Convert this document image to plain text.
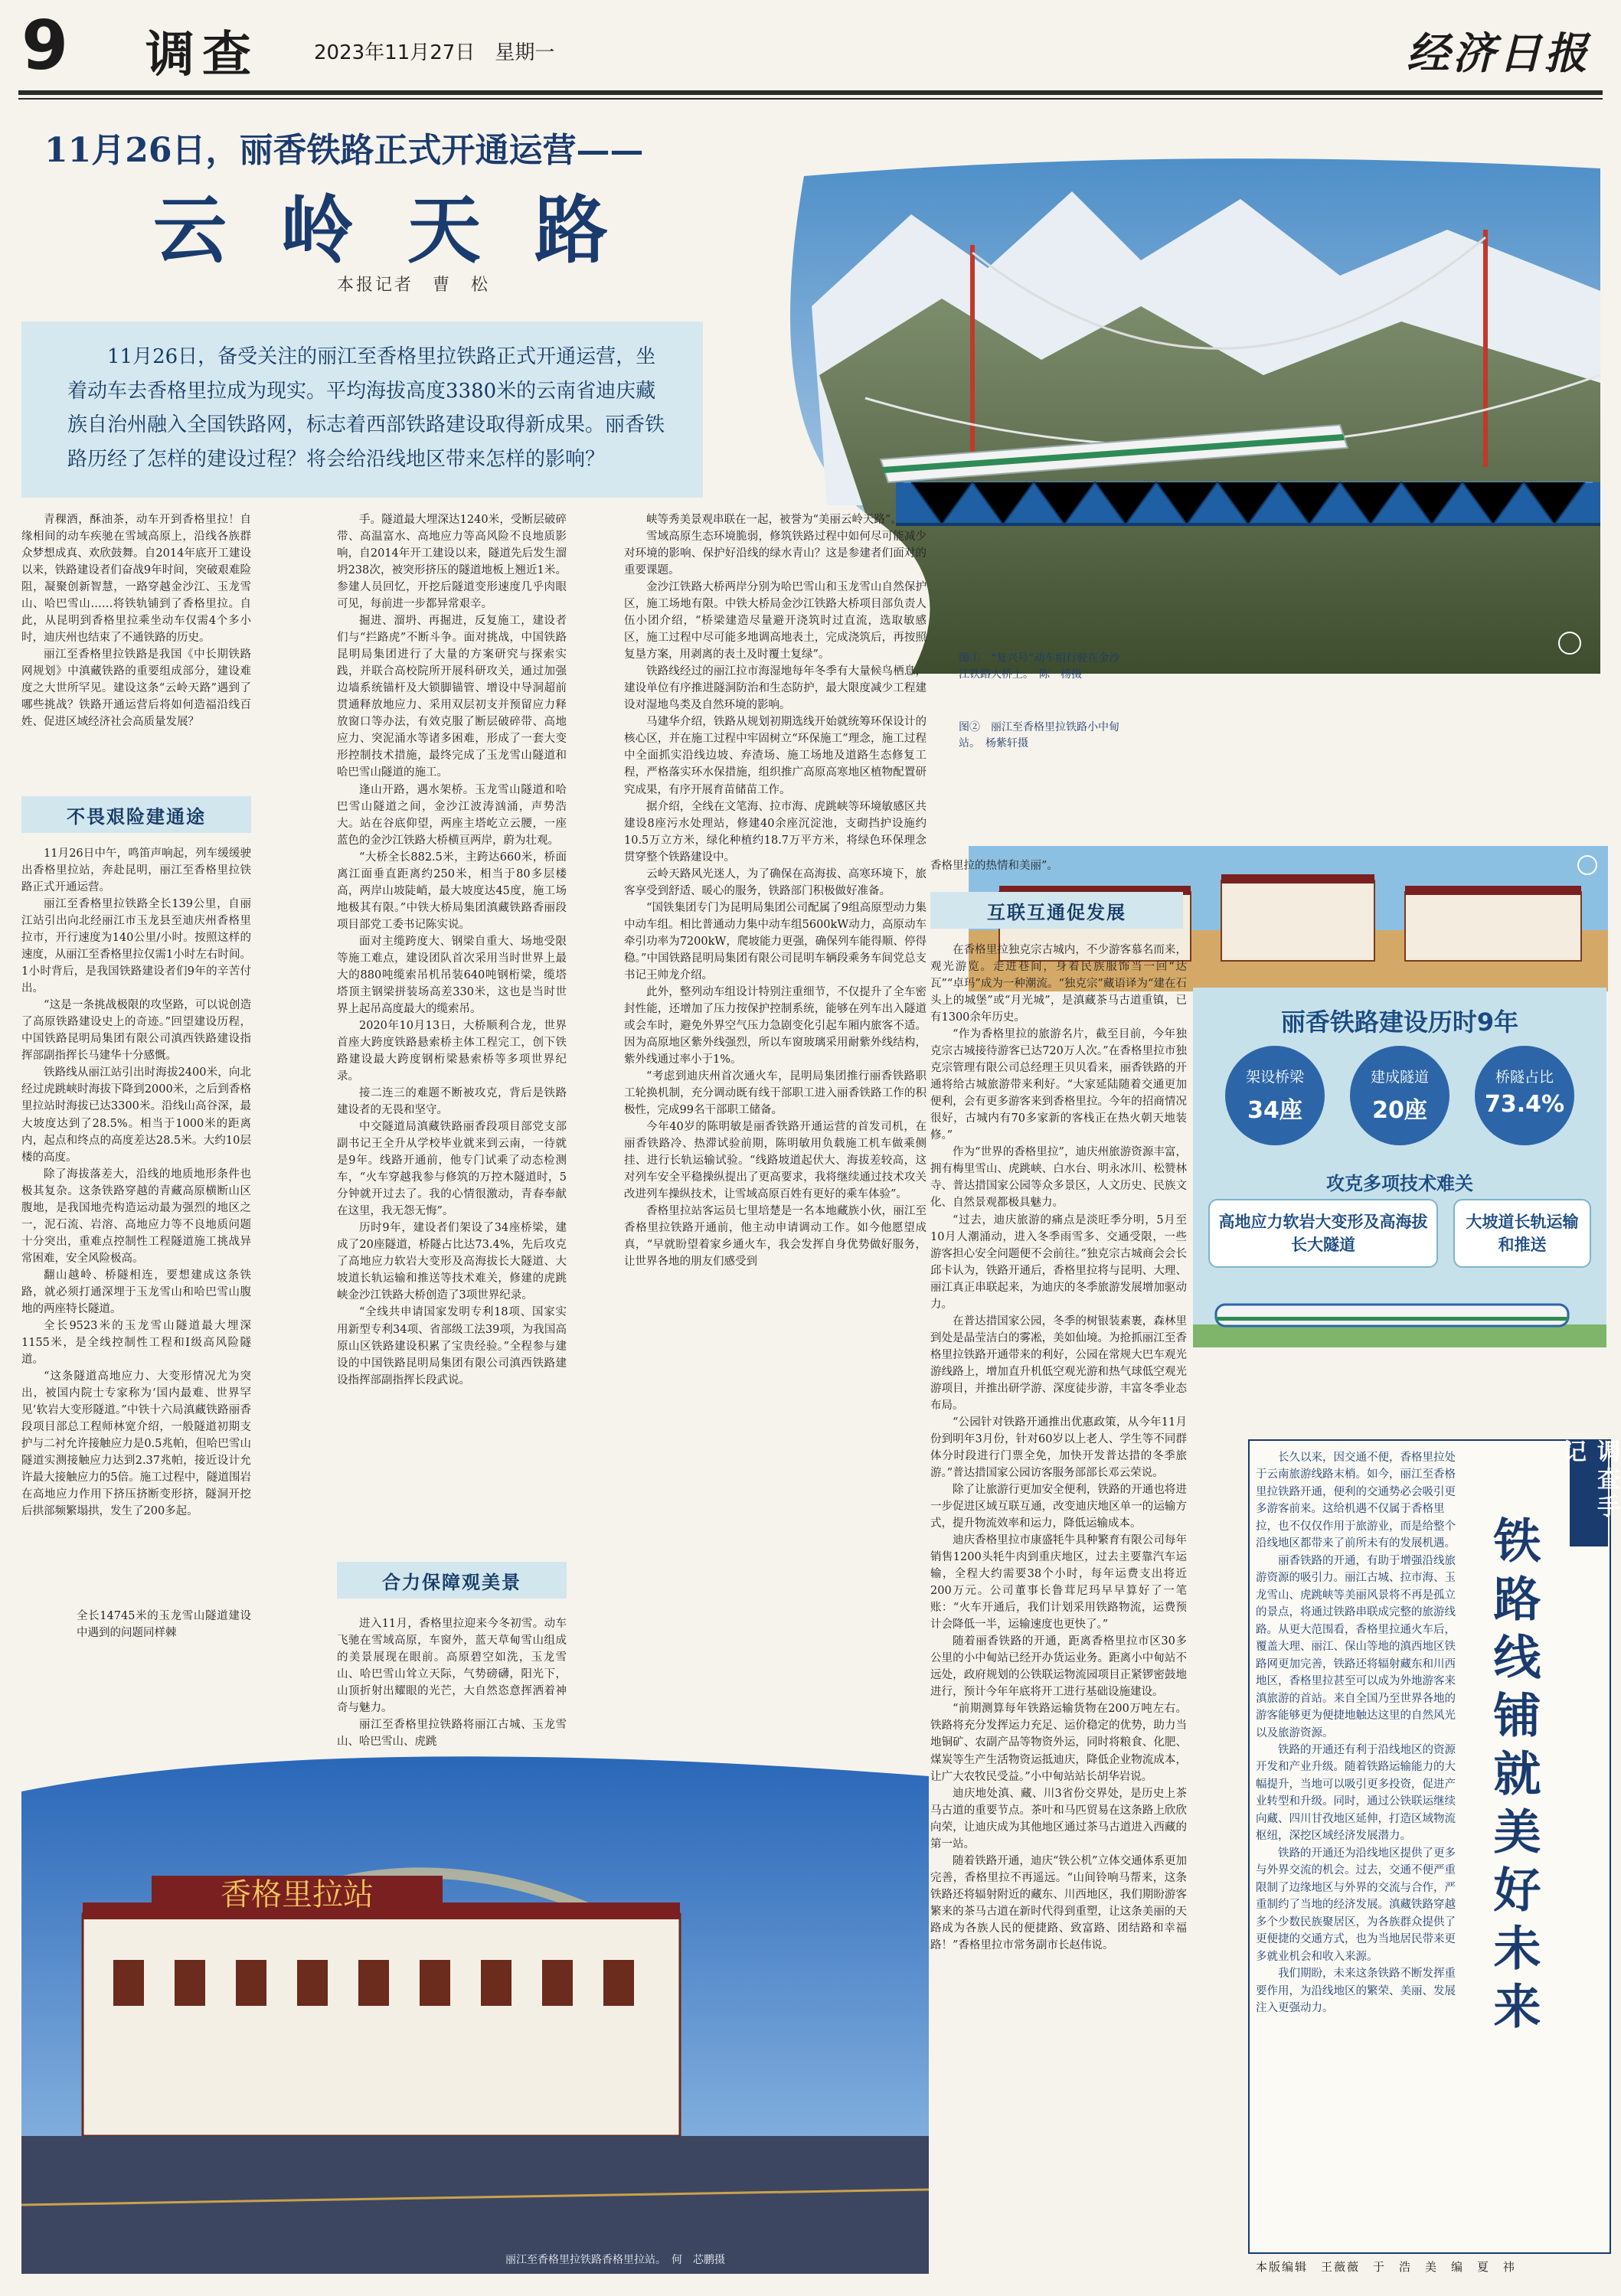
9 调查	2023年11月27日　星期一	经济日报
11月26日，丽香铁路正式开通运营——
云岭天路
本报记者　曹　松
11月26日，备受关注的丽江至香格里拉铁路正式开通运营，坐着动车去香格里拉成为现实。平均海拔高度3380米的云南省迪庆藏族自治州融入全国铁路网，标志着西部铁路建设取得新成果。丽香铁路历经了怎样的建设过程？将会给沿线地区带来怎样的影响？
图①　“复兴号”动车组行驶在金沙江铁路大桥上。　陈　杨摄
图②　丽江至香格里拉铁路小中甸站。　杨紫轩摄

青稞酒，酥油茶，动车开到香格里拉！自缘相间的动车疾驰在雪域高原上，沿线各族群众梦想成真、欢欣鼓舞。自2014年底开工建设以来，铁路建设者们奋战9年时间，突破艰难险阻，凝聚创新智慧，一路穿越金沙江、玉龙雪山、哈巴雪山……将铁轨铺到了香格里拉。自此，从昆明到香格里拉乘坐动车仅需4个多小时，迪庆州也结束了不通铁路的历史。

丽江至香格里拉铁路是我国《中长期铁路网规划》中滇藏铁路的重要组成部分，建设难度之大世所罕见。建设这条“云岭天路”遇到了哪些挑战？铁路开通运营后将如何造福沿线百姓、促进区域经济社会高质量发展？

不畏艰险建通途

11月26日中午，鸣笛声响起，列车缓缓驶出香格里拉站，奔赴昆明，丽江至香格里拉铁路正式开通运营。

丽江至香格里拉铁路全长139公里，自丽江站引出向北经丽江市玉龙县至迪庆州香格里拉市，开行速度为140公里/小时。按照这样的速度，从丽江至香格里拉仅需1小时左右时间。1小时背后，是我国铁路建设者们9年的辛苦付出。

“这是一条挑战极限的攻坚路，可以说创造了高原铁路建设史上的奇迹。”回望建设历程，中国铁路昆明局集团有限公司滇西铁路建设指挥部副指挥长马建华十分感慨。

铁路线从丽江站引出时海拔2400米，向北经过虎跳峡时海拔下降到2000米，之后到香格里拉站时海拔已达3300米。沿线山高谷深，最大坡度达到了28.5%。相当于1000米的距离内，起点和终点的高度差达28.5米。大约10层楼的高度。

除了海拔落差大，沿线的地质地形条件也极其复杂。这条铁路穿越的青藏高原横断山区腹地，是我国地壳构造运动最为强烈的地区之一，泥石流、岩溶、高地应力等不良地质问题十分突出，重难点控制性工程隧道施工挑战异常困难，安全风险极高。

翻山越岭、桥隧相连，要想建成这条铁路，就必须打通深埋于玉龙雪山和哈巴雪山腹地的两座特长隧道。

全长9523米的玉龙雪山隧道最大埋深1155米，是全线控制性工程和Ⅰ级高风险隧道。

“这条隧道高地应力、大变形情况尤为突出，被国内院士专家称为‘国内最难、世界罕见’软岩大变形隧道。”中铁十六局滇藏铁路丽香段项目部总工程师林宽介绍，一般隧道初期支护与二衬允许接触应力是0.5兆帕，但哈巴雪山隧道实测接触应力达到2.37兆帕，接近设计允许最大接触应力的5倍。施工过程中，隧道围岩在高地应力作用下挤压挤断变形挤，隧洞开挖后拱部频繁塌拱，发生了200多起。

全长14745米的玉龙雪山隧道建设中遇到的问题同样棘

手。隧道最大埋深达1240米，受断层破碎带、高温富水、高地应力等高风险不良地质影响，自2014年开工建设以来，隧道先后发生溜坍238次，被突形挤压的隧道地板上翘近1米。参建人员回忆，开挖后隧道变形速度几乎肉眼可见，每前进一步都异常艰辛。

掘进、溜坍、再掘进，反复施工，建设者们与“拦路虎”不断斗争。面对挑战，中国铁路昆明局集团进行了大量的方案研究与探索实践，并联合高校院所开展科研攻关，通过加强边墙系统锚杆及大锁脚锚管、增设中导洞超前贯通释放地应力、采用双层初支并预留应力释放窗口等办法，有效克服了断层破碎带、高地应力、突泥涌水等诸多困难，形成了一套大变形控制技术措施，最终完成了玉龙雪山隧道和哈巴雪山隧道的施工。

逢山开路，遇水架桥。玉龙雪山隧道和哈巴雪山隧道之间，金沙江波涛汹涌，声势浩大。站在谷底仰望，两座主塔屹立云腰，一座蓝色的金沙江铁路大桥横亘两岸，蔚为壮观。

“大桥全长882.5米，主跨达660米，桥面离江面垂直距离约250米，相当于80多层楼高，两岸山坡陡峭，最大坡度达45度，施工场地极其有限。”中铁大桥局集团滇藏铁路香丽段项目部党工委书记陈实说。

面对主缆跨度大、钢梁自重大、场地受限等施工难点，建设团队首次采用当时世界上最大的880吨缆索吊机吊装640吨钢桁梁，缆塔塔顶主钢梁拼装场高差330米，这也是当时世界上起吊高度最大的缆索吊。

2020年10月13日，大桥顺利合龙，世界首座大跨度铁路悬索桥主体工程完工，创下铁路建设最大跨度钢桁梁悬索桥等多项世界纪录。

接二连三的难题不断被攻克，背后是铁路建设者的无畏和坚守。

中交隧道局滇藏铁路丽香段项目部党支部副书记王全升从学校毕业就来到云南，一待就是9年。线路开通前，他专门试乘了动态检测车，“火车穿越我参与修筑的万控木隧道时，5分钟就开过去了。我的心情很激动，青春奉献在这里，我无怨无悔”。

历时9年，建设者们架设了34座桥梁，建成了20座隧道，桥隧占比达73.4%，先后攻克了高地应力软岩大变形及高海拔长大隧道、大坡道长轨运输和推送等技术难关，修建的虎跳峡金沙江铁路大桥创造了3项世界纪录。

“全线共申请国家发明专利18项、国家实用新型专利34项、省部级工法39项，为我国高原山区铁路建设积累了宝贵经验。”全程参与建设的中国铁路昆明局集团有限公司滇西铁路建设指挥部副指挥长段武说。

合力保障观美景

进入11月，香格里拉迎来今冬初雪。动车飞驰在雪域高原，车窗外，蓝天草甸雪山组成的美景展现在眼前。高原碧空如洗，玉龙雪山、哈巴雪山耸立天际，气势磅礴，阳光下，山顶折射出耀眼的光芒，大自然恣意挥洒着神奇与魅力。

丽江至香格里拉铁路将丽江古城、玉龙雪山、哈巴雪山、虎跳

峡等秀美景观串联在一起，被誉为“美丽云岭天路”。

雪域高原生态环境脆弱，修筑铁路过程中如何尽可能减少对环境的影响、保护好沿线的绿水青山？这是参建者们面对的重要课题。

金沙江铁路大桥两岸分别为哈巴雪山和玉龙雪山自然保护区，施工场地有限。中铁大桥局金沙江铁路大桥项目部负责人伍小团介绍，“桥梁建造尽量避开浇筑时过直流，选取敏感区，施工过程中尽可能多地调高地表土，完成浇筑后，再按照复垦方案，用剥离的表土及时覆土复绿”。

铁路线经过的丽江拉市海湿地每年冬季有大量候鸟栖息，建设单位有序推进隧洞防治和生态防护，最大限度减少工程建设对湿地鸟类及自然环境的影响。

马建华介绍，铁路从规划初期选线开始就统筹环保设计的核心区，并在施工过程中牢固树立“环保施工”理念，施工过程中全面抓实沿线边坡、弃渣场、施工场地及道路生态修复工程，严格落实环水保措施，组织推广高原高寒地区植物配置研究成果，有序开展育苗储苗工作。

据介绍，全线在文笔海、拉市海、虎跳峡等环境敏感区共建设8座污水处理站，修建40余座沉淀池，支砌挡护设施约10.5万立方米，绿化种植约18.7万平方米，将绿色环保理念贯穿整个铁路建设中。

云岭天路风光迷人，为了确保在高海拔、高寒环境下，旅客享受到舒适、暖心的服务，铁路部门积极做好准备。

“国铁集团专门为昆明局集团公司配属了9组高原型动力集中动车组。相比普通动力集中动车组5600kW动力，高原动车牵引功率为7200kW，爬坡能力更强，确保列车能得顺、停得稳。”中国铁路昆明局集团有限公司昆明车辆段乘务车间党总支书记王帅龙介绍。

此外，整列动车组设计特别注重细节，不仅提升了全车密封性能，还增加了压力按保护控制系统，能够在列车出入隧道或会车时，避免外界空气压力急剧变化引起车厢内旅客不适。因为高原地区紫外线强烈，所以车窗玻璃采用耐紫外线结构，紫外线通过率小于1%。

“考虑到迪庆州首次通火车，昆明局集团推行丽香铁路职工轮换机制，充分调动既有线干部职工进入丽香铁路工作的积极性，完成99名干部职工储备。

今年40岁的陈明敏是丽香铁路开通运营的首发司机，在丽香铁路冷、热滞试验前期，陈明敏用负载施工机车做乘侧挂、进行长轨运输试验。“线路坡道起伏大、海拔差较高，这对列车安全平稳操纵提出了更高要求，我将继续通过技术攻关改进列车操纵技术，让雪域高原百姓有更好的乘车体验”。

香格里拉站客运员七里培楚是一名本地藏族小伙，丽江至香格里拉铁路开通前，他主动申请调动工作。如今他愿望成真，“早就盼望着家乡通火车，我会发挥自身优势做好服务，让世界各地的朋友们感受到

香格里拉的热情和美丽”。

互联互通促发展

在香格里拉独克宗古城内，不少游客慕名而来，观光游览。走进巷间，身着民族服饰当一回“达瓦”“卓玛”成为一种潮流。“独克宗”藏语译为“建在石头上的城堡”或“月光城”，是滇藏茶马古道重镇，已有1300余年历史。

“作为香格里拉的旅游名片，截至目前，今年独克宗古城接待游客已达720万人次。”在香格里拉市独克宗管理有限公司总经理王贝贝看来，丽香铁路的开通将给古城旅游带来利好。“大家延陆随着交通更加便利，会有更多游客来到香格里拉。今年的招商情况很好，古城内有70多家新的客栈正在热火朝天地装修。”

作为“世界的香格里拉”，迪庆州旅游资源丰富，拥有梅里雪山、虎跳峡、白水台、明永冰川、松赞林寺、普达措国家公园等众多景区，人文历史、民族文化、自然景观都极具魅力。

“过去，迪庆旅游的痛点是淡旺季分明，5月至10月人潮涌动，进入冬季雨雪多、交通受限，一些游客担心安全问题便不会前往。”独克宗古城商会会长邱卡认为，铁路开通后，香格里拉将与昆明、大理、丽江真正串联起来，为迪庆的冬季旅游发展增加驱动力。

在普达措国家公园，冬季的树银装素裹，森林里到处是晶莹洁白的雾凇，美如仙境。为抢抓丽江至香格里拉铁路开通带来的利好，公园在常规大巴车观光游线路上，增加直升机低空观光游和热气球低空观光游项目，并推出研学游、深度徒步游，丰富冬季业态布局。

“公园针对铁路开通推出优惠政策，从今年11月份到明年3月份，针对60岁以上老人、学生等不同群体分时段进行门票全免，加快开发普达措的冬季旅游。”普达措国家公园访客服务部部长邓云荣说。

除了让旅游行更加安全便利，铁路的开通也将进一步促进区域互联互通，改变迪庆地区单一的运输方式，提升物流效率和运力，降低运输成本。

迪庆香格里拉市康盛牦牛具种繁育有限公司每年销售1200头牦牛肉到重庆地区，过去主要靠汽车运输，全程大约需要38个小时，每年运费支出将近200万元。公司董事长鲁茸尼玛早早算好了一笔账：“火车开通后，我们计划采用铁路物流，运费预计会降低一半，运输速度也更快了。”

随着丽香铁路的开通，距离香格里拉市区30多公里的小中甸站已经开办货运业务。距离小中甸站不远处，政府规划的公铁联运物流园项目正紧锣密鼓地进行，预计今年年底将开工进行基础设施建设。

“前期测算每年铁路运输货物在200万吨左右。铁路将充分发挥运力充足、运价稳定的优势，助力当地铜矿、农副产品等物资外运，同时将粮食、化肥、煤炭等生产生活物资运抵迪庆，降低企业物流成本，让广大农牧民受益。”小中甸站站长胡华岩说。

迪庆地处滇、藏、川3省份交界处，是历史上茶马古道的重要节点。茶叶和马匹贸易在这条路上欣欣向荣，让迪庆成为其他地区通过茶马古道进入西藏的第一站。

随着铁路开通，迪庆“铁公机”立体交通体系更加完善，香格里拉不再遥远。“山间铃响马帮来，这条铁路还将辐射附近的藏东、川西地区，我们期盼游客繁来的茶马古道在新时代得到重塑，让这条美丽的天路成为各族人民的便捷路、致富路、团结路和幸福路！”香格里拉市常务副市长赵伟说。

丽香铁路建设历时9年
架设桥梁
34座
建成隧道
20座
桥隧占比
73.4%
攻克多项技术难关
高地应力软岩大变形及高海拔长大隧道
大坡道长轨运输和推送
香格里拉站
丽江至香格里拉铁路香格里拉站。　何　芯鹏摄
调查手记
铁路线铺就美好未来

长久以来，因交通不便，香格里拉处于云南旅游线路末梢。如今，丽江至香格里拉铁路开通，便利的交通势必会吸引更多游客前来。这给机遇不仅属于香格里拉，也不仅仅作用于旅游业，而是给整个沿线地区都带来了前所未有的发展机遇。

丽香铁路的开通，有助于增强沿线旅游资源的吸引力。丽江古城、拉市海、玉龙雪山、虎跳峡等美丽风景将不再是孤立的景点，将通过铁路串联成完整的旅游线路。从更大范围看，香格里拉通火车后，覆盖大理、丽江、保山等地的滇西地区铁路网更加完善，铁路还将辐射藏东和川西地区，香格里拉甚至可以成为外地游客来滇旅游的首站。来自全国乃至世界各地的游客能够更为便捷地触达这里的自然风光以及旅游资源。

铁路的开通还有利于沿线地区的资源开发和产业升级。随着铁路运输能力的大幅提升，当地可以吸引更多投资，促进产业转型和升级。同时，通过公铁联运继续向藏、四川甘孜地区延伸，打造区域物流枢纽，深挖区域经济发展潜力。

铁路的开通还为沿线地区提供了更多与外界交流的机会。过去，交通不便严重限制了边缘地区与外界的交流与合作，严重制约了当地的经济发展。滇藏铁路穿越多个少数民族聚居区，为各族群众提供了更便捷的交通方式，也为当地居民带来更多就业机会和收入来源。

我们期盼，未来这条铁路不断发挥重要作用，为沿线地区的繁荣、美丽、发展注入更强动力。

本版编辑　王薇薇　于　浩　美　编　夏　祎
